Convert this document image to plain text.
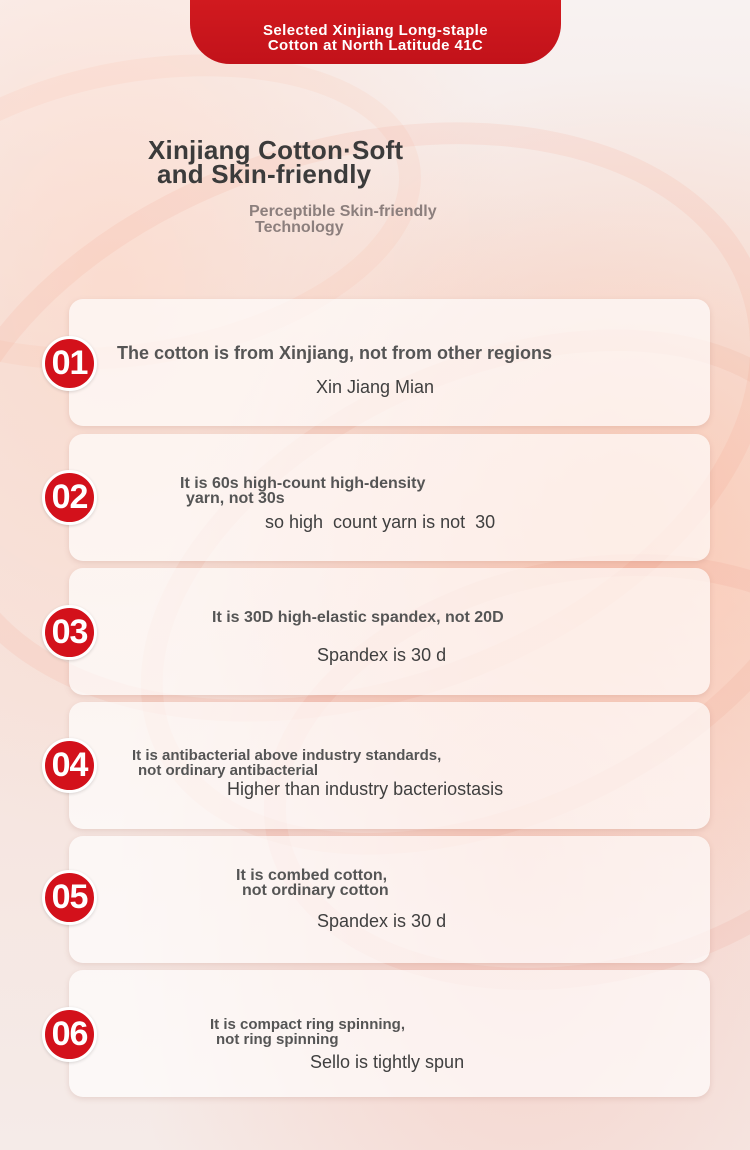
Selected Xinjiang Long-staple
Cotton at North Latitude 41C
Xinjiang Cotton·Soft
and Skin-friendly
Perceptible Skin-friendly
Technology
01	The cotton is from Xinjiang, not from other regions
Xin Jiang Mian
02	It is 60s high-count high-density
yarn, not 30s
so high  count yarn is not  30
03	It is 30D high-elastic spandex, not 20D
Spandex is 30 d
04	It is antibacterial above industry standards,
not ordinary antibacterial
Higher than industry bacteriostasis
05
It is combed cotton,
not ordinary cotton
Spandex is 30 d
06	It is compact ring spinning,
not ring spinning
Sello is tightly spun
